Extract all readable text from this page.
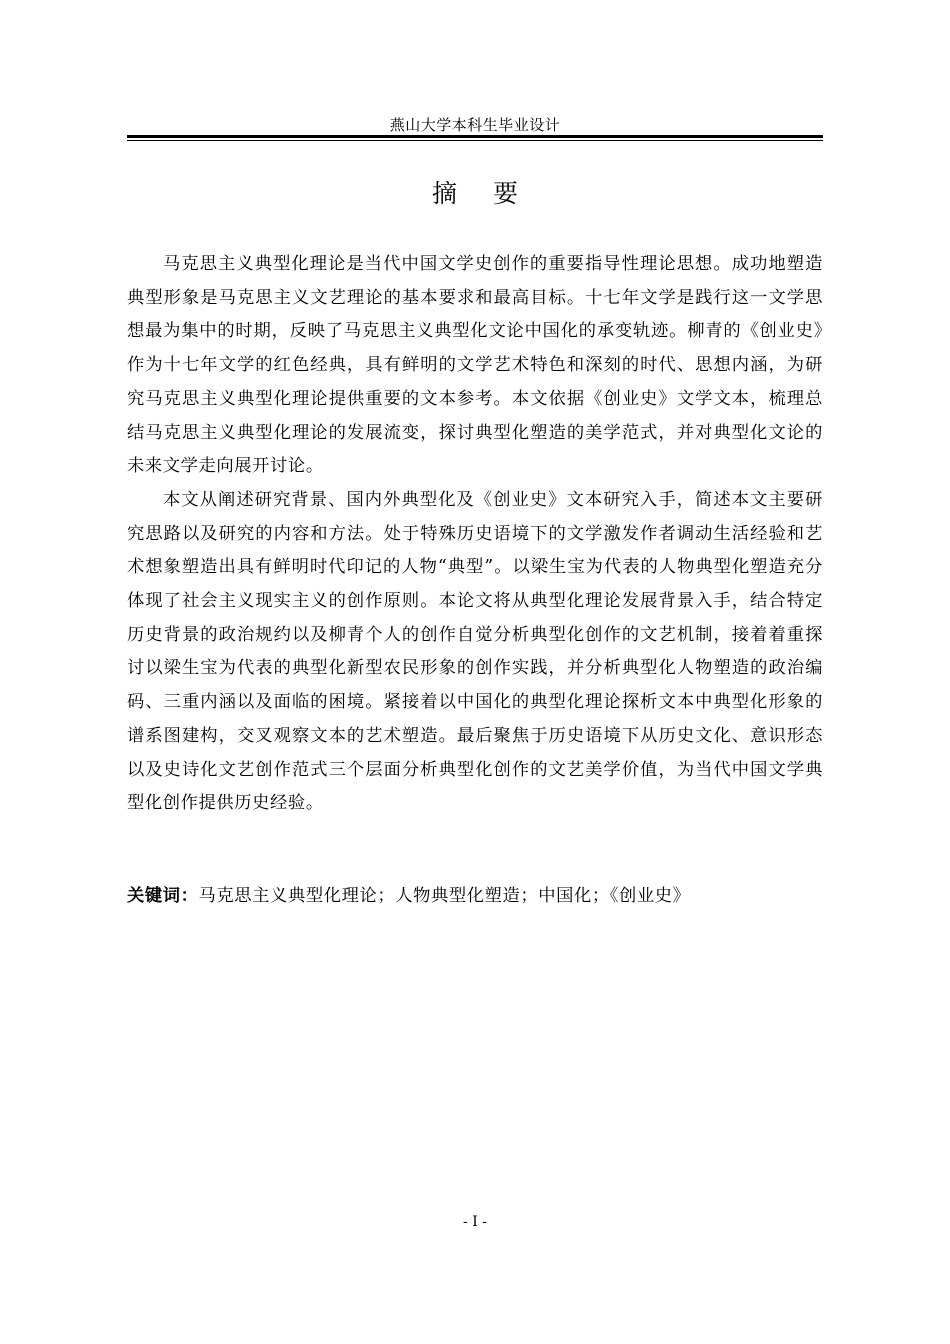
燕山大学本科生毕业设计
摘 要

马克思主义典型化理论是当代中国文学史创作的重要指导性理论思想。成功地塑造典型形象是马克思主义文艺理论的基本要求和最高目标。十七年文学是践行这一文学思想最为集中的时期，反映了马克思主义典型化文论中国化的承变轨迹。柳青的《创业史》作为十七年文学的红色经典，具有鲜明的文学艺术特色和深刻的时代、思想内涵，为研究马克思主义典型化理论提供重要的文本参考。本文依据《创业史》文学文本，梳理总结马克思主义典型化理论的发展流变，探讨典型化塑造的美学范式，并对典型化文论的未来文学走向展开讨论。

本文从阐述研究背景、国内外典型化及《创业史》文本研究入手，简述本文主要研究思路以及研究的内容和方法。处于特殊历史语境下的文学激发作者调动生活经验和艺术想象塑造出具有鲜明时代印记的人物“典型”。以梁生宝为代表的人物典型化塑造充分体现了社会主义现实主义的创作原则。本论文将从典型化理论发展背景入手，结合特定历史背景的政治规约以及柳青个人的创作自觉分析典型化创作的文艺机制，接着着重探讨以梁生宝为代表的典型化新型农民形象的创作实践，并分析典型化人物塑造的政治编码、三重内涵以及面临的困境。紧接着以中国化的典型化理论探析文本中典型化形象的谱系图建构，交叉观察文本的艺术塑造。最后聚焦于历史语境下从历史文化、意识形态以及史诗化文艺创作范式三个层面分析典型化创作的文艺美学价值，为当代中国文学典型化创作提供历史经验。

关键词：马克思主义典型化理论；人物典型化塑造；中国化；《创业史》
- I -
